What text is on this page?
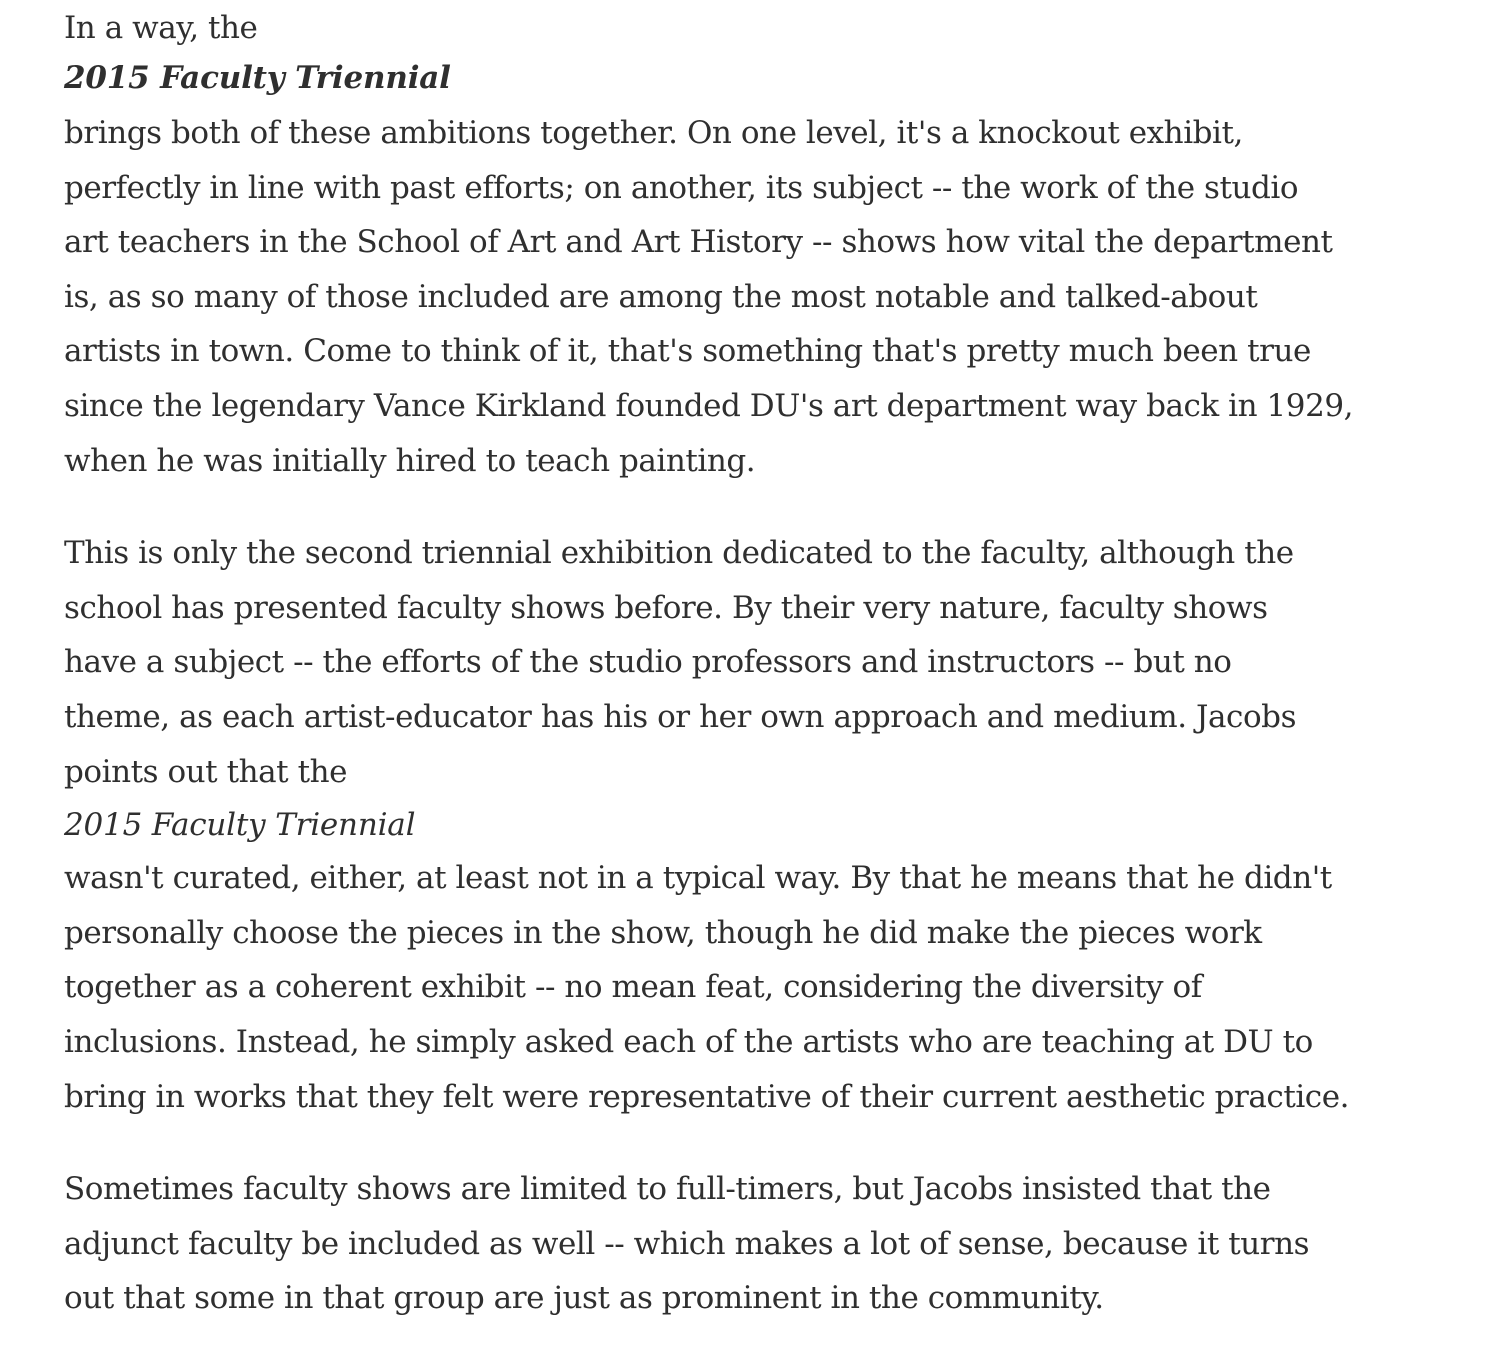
In a way, the
2015 Faculty Triennial
brings both of these ambitions together. On one level, it's a knockout exhibit,
perfectly in line with past efforts; on another, its subject -- the work of the studio
art teachers in the School of Art and Art History -- shows how vital the department
is, as so many of those included are among the most notable and talked-about
artists in town. Come to think of it, that's something that's pretty much been true
since the legendary Vance Kirkland founded DU's art department way back in 1929,
when he was initially hired to teach painting.
This is only the second triennial exhibition dedicated to the faculty, although the
school has presented faculty shows before. By their very nature, faculty shows
have a subject -- the efforts of the studio professors and instructors -- but no
theme, as each artist-educator has his or her own approach and medium. Jacobs
points out that the
2015 Faculty Triennial
wasn't curated, either, at least not in a typical way. By that he means that he didn't
personally choose the pieces in the show, though he did make the pieces work
together as a coherent exhibit -- no mean feat, considering the diversity of
inclusions. Instead, he simply asked each of the artists who are teaching at DU to
bring in works that they felt were representative of their current aesthetic practice.
Sometimes faculty shows are limited to full-timers, but Jacobs insisted that the
adjunct faculty be included as well -- which makes a lot of sense, because it turns
out that some in that group are just as prominent in the community.
